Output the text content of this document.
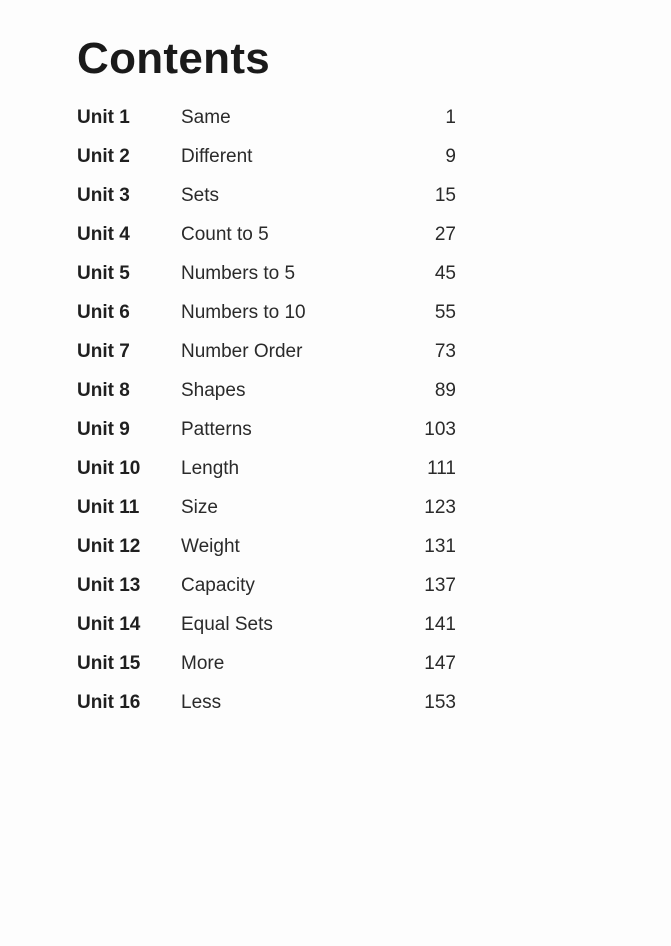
Contents
Unit 1	Same	1
Unit 2	Different	9
Unit 3	Sets	15
Unit 4	Count to 5	27
Unit 5	Numbers to 5	45
Unit 6	Numbers to 10	55
Unit 7	Number Order	73
Unit 8	Shapes	89
Unit 9	Patterns	103
Unit 10 Length	111
Unit 11 Size	123
Unit 12 Weight	131
Unit 13 Capacity	137
Unit 14 Equal Sets	141
Unit 15 More	147
Unit 16 Less	153
